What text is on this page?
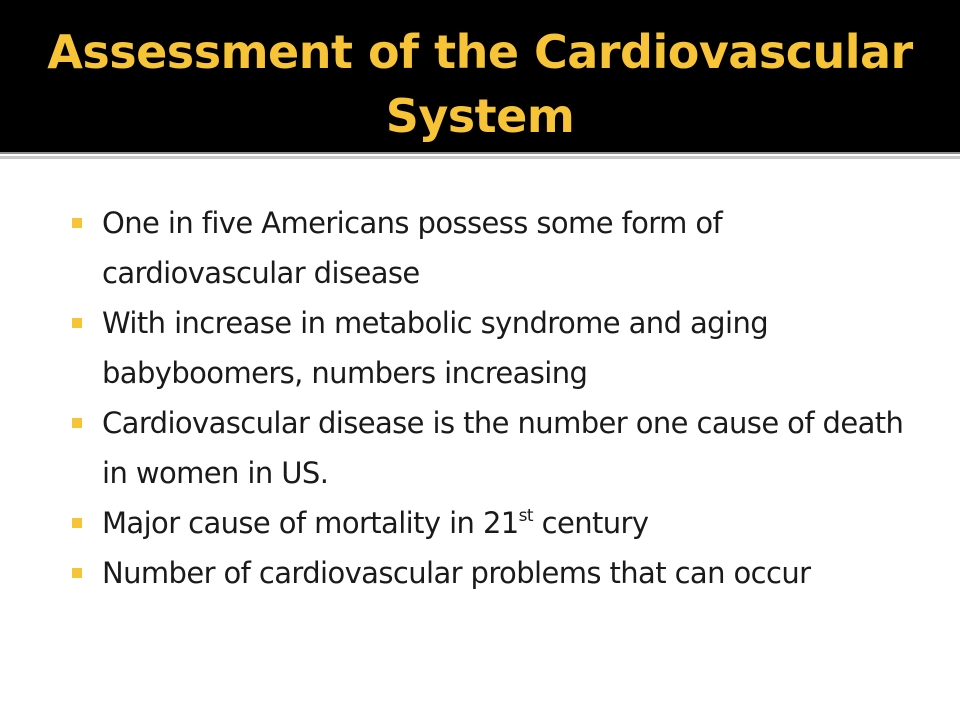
Assessment of the Cardiovascular System
One in five Americans possess some form of cardiovascular disease
With increase in metabolic syndrome and aging babyboomers, numbers increasing
Cardiovascular disease is the number one cause of death in women in US.
Major cause of mortality in 21st century
Number of cardiovascular problems that can occur
